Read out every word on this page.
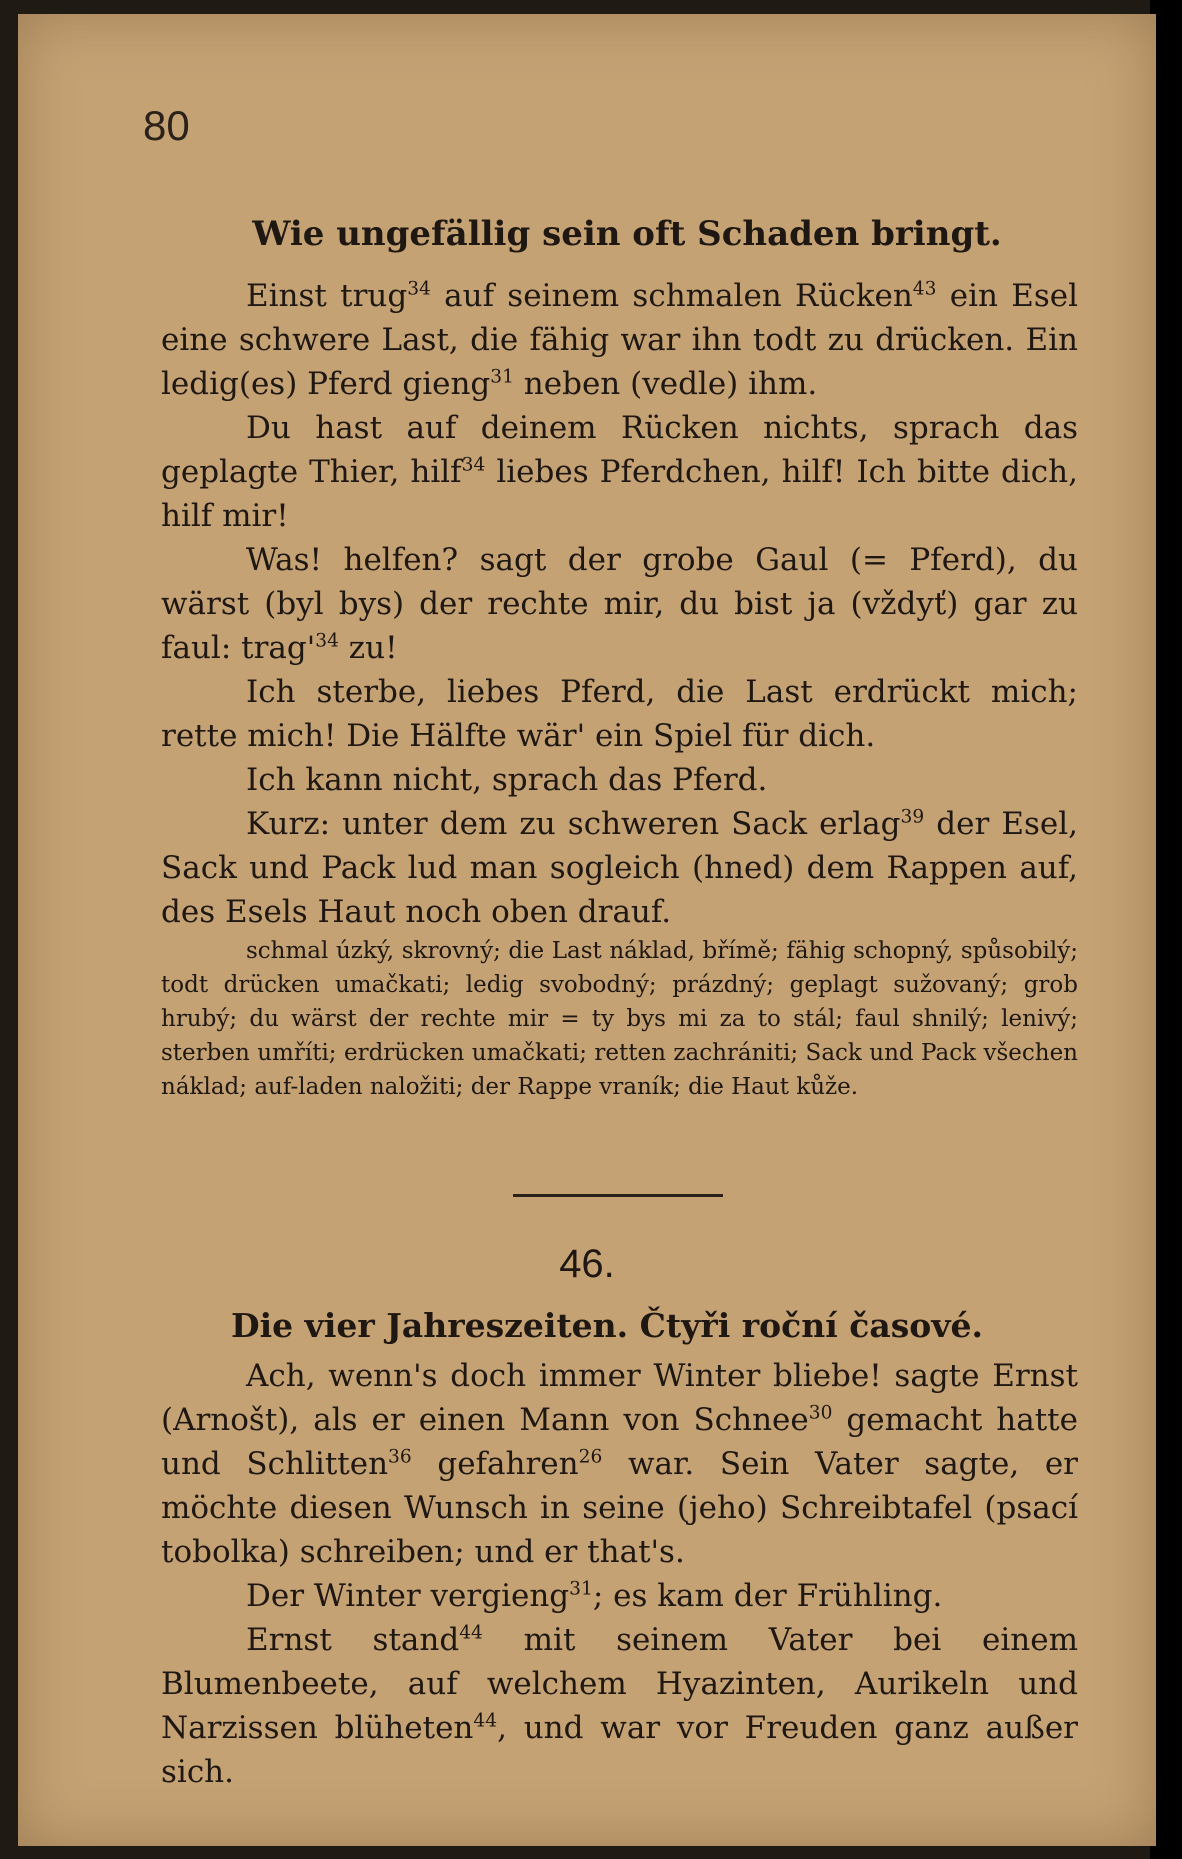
80
Wie ungefällig sein oft Schaden bringt.

Einst trug$^{34}$ auf seinem schmalen Rücken$^{43}$ ein Esel eine schwere Last, die fähig war ihn todt zu drücken. Ein ledig(es) Pferd gieng$^{31}$ neben (vedle) ihm.

Du hast auf deinem Rücken nichts, sprach das geplagte Thier, hilf$^{34}$ liebes Pferdchen, hilf! Ich bitte dich, hilf mir!

Was! helfen? sagt der grobe Gaul (= Pferd), du wärst (byl bys) der rechte mir, du bist ja (vždyť) gar zu faul: $trag'^{34}$ zu!

Ich sterbe, liebes Pferd, die Last erdrückt mich; rette mich! Die Hälfte wär' ein Spiel für dich.

Ich kann nicht, sprach das Pferd.

Kurz: unter dem zu schweren Sack erlag$^{39}$ der Esel, Sack und Pack lud man sogleich (hned) dem Rappen auf, des Esels Haut noch oben drauf.

schmal úzký, skrovný; die Last náklad, břímě; fähig schopný, spůsobilý; todt drücken umačkati; ledig svobodný; prázdný; geplagt sužovaný; grob hrubý; du wärst der rechte mir = ty bys mi za to stál; faul shnilý; lenivý; sterben umříti; erdrücken umačkati; retten zachrániti; Sack und Pack všechen náklad; auf-laden naložiti; der Rappe vraník; die Haut kůže.

46.
Die vier Jahreszeiten. Čtyři roční časové.

Ach, wenn's doch immer Winter bliebe! sagte Ernst (Arnošt), als er einen Mann von Schnee$^{30}$ gemacht hatte und Schlitten$^{36}$ gefahren$^{26}$ war. Sein Vater sagte, er möchte diesen Wunsch in seine (jeho) Schreibtafel (psací tobolka) schreiben; und er that's.

Der Winter vergieng$^{31}$; es kam der Frühling.

Ernst stand$^{44}$ mit seinem Vater bei einem Blumenbeete, auf welchem Hyazinten, Aurikeln und Narzissen blüheten$^{44}$, und war vor Freuden ganz außer sich.
